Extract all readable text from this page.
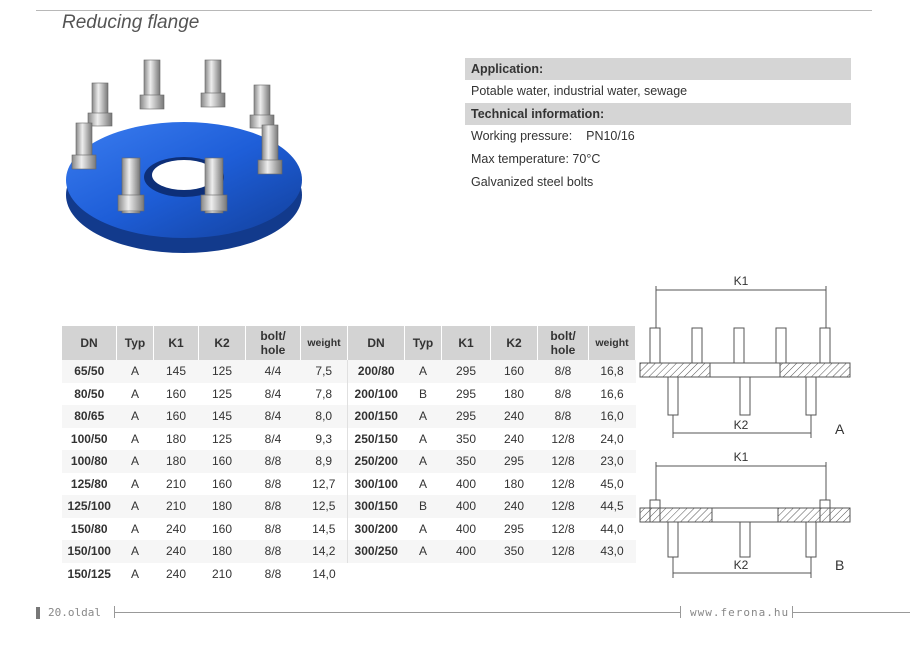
Reducing flange
Application:
Potable water, industrial water, sewage
Technical information:
Working pressure: PN10/16
Max temperature: 70°C
Galvanized steel bolts
DN	Typ	K1	K2	bolt/ hole	weight	DN	Typ	K1	K2	bolt/ hole	weight
65/50	A	145	125	4/4	7,5	200/80	A	295	160	8/8	16,8
80/50	A	160	125	8/4	7,8	200/100	B	295	180	8/8	16,6
80/65	A	160	145	8/4	8,0	200/150	A	295	240	8/8	16,0
100/50	A	180	125	8/4	9,3	250/150	A	350	240	12/8	24,0
100/80	A	180	160	8/8	8,9	250/200	A	350	295	12/8	23,0
125/80	A	210	160	8/8	12,7	300/100	A	400	180	12/8	45,0
125/100	A	210	180	8/8	12,5	300/150	B	400	240	12/8	44,5
150/80	A	240	160	8/8	14,5	300/200	A	400	295	12/8	44,0
150/100	A	240	180	8/8	14,2	300/250	A	400	350	12/8	43,0
150/125	A	240	210	8/8	14,0						
K1
K2	A
K1
K2	B
20.oldal	www.ferona.hu
